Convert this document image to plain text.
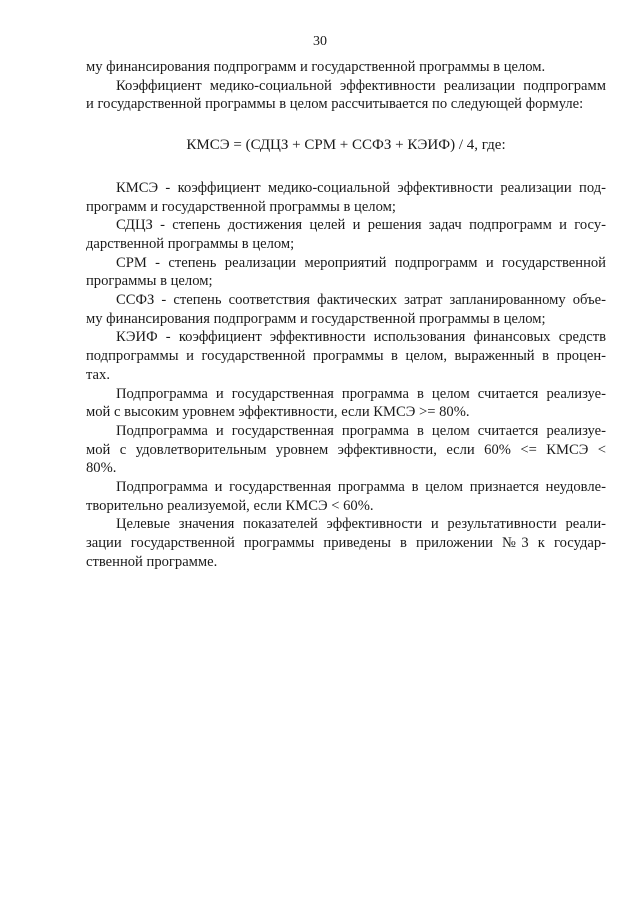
30
му финансирования подпрограмм и государственной программы в целом.
Коэффициент медико-социальной эффективности реализации подпрограмм
и государственной программы в целом рассчитывается по следующей формуле:
КМСЭ = (СДЦЗ + СРМ + ССФЗ + КЭИФ) / 4, где:
КМСЭ - коэффициент медико-социальной эффективности реализации под-
программ и государственной программы в целом;
СДЦЗ - степень достижения целей и решения задач подпрограмм и госу-
дарственной программы в целом;
СРМ - степень реализации мероприятий подпрограмм и государственной
программы в целом;
ССФЗ - степень соответствия фактических затрат запланированному объе-
му финансирования подпрограмм и государственной программы в целом;
КЭИФ - коэффициент эффективности использования финансовых средств
подпрограммы и государственной программы в целом, выраженный в процен-
тах.
Подпрограмма и государственная программа в целом считается реализуе-
мой с высоким уровнем эффективности, если КМСЭ >= 80%.
Подпрограмма и государственная программа в целом считается реализуе-
мой с удовлетворительным уровнем эффективности, если 60% <= КМСЭ <
80%.
Подпрограмма и государственная программа в целом признается неудовле-
творительно реализуемой, если КМСЭ < 60%.
Целевые значения показателей эффективности и результативности реали-
зации государственной программы приведены в приложении №3 к государ-
ственной программе.
